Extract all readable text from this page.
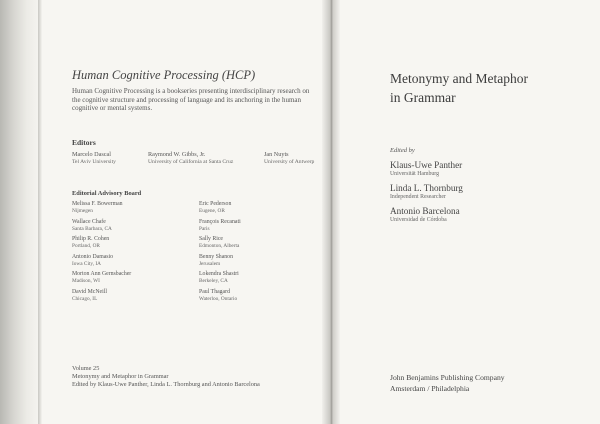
Human Cognitive Processing (HCP)
Human Cognitive Processing is a bookseries presenting interdisciplinary research on the cognitive structure and processing of language and its anchoring in the human cognitive or mental systems.
Editors
Marcelo Dascal
Tel Aviv University
Raymond W. Gibbs, Jr.
University of California at Santa Cruz
Jan Nuyts
University of Antwerp
Editorial Advisory Board
Melissa F. Bowerman
Nijmegen
Wallace Chafe
Santa Barbara, CA
Philip R. Cohen
Portland, OR
Antonio Damasio
Iowa City, IA
Morton Ann Gernsbacher
Madison, WI
David McNeill
Chicago, IL
Eric Pederson
Eugene, OR
François Recanati
Paris
Sally Rice
Edmonton, Alberta
Benny Shanon
Jerusalem
Lokendra Shastri
Berkeley, CA
Paul Thagard
Waterloo, Ontario
Volume 25
Metonymy and Metaphor in Grammar
Edited by Klaus-Uwe Panther, Linda L. Thornburg and Antonio Barcelona
Metonymy and Metaphor
in Grammar
Edited by
Klaus-Uwe Panther
Universität Hamburg
Linda L. Thornburg
Independent Researcher
Antonio Barcelona
Universidad de Córdoba
John Benjamins Publishing Company
Amsterdam / Philadelphia
